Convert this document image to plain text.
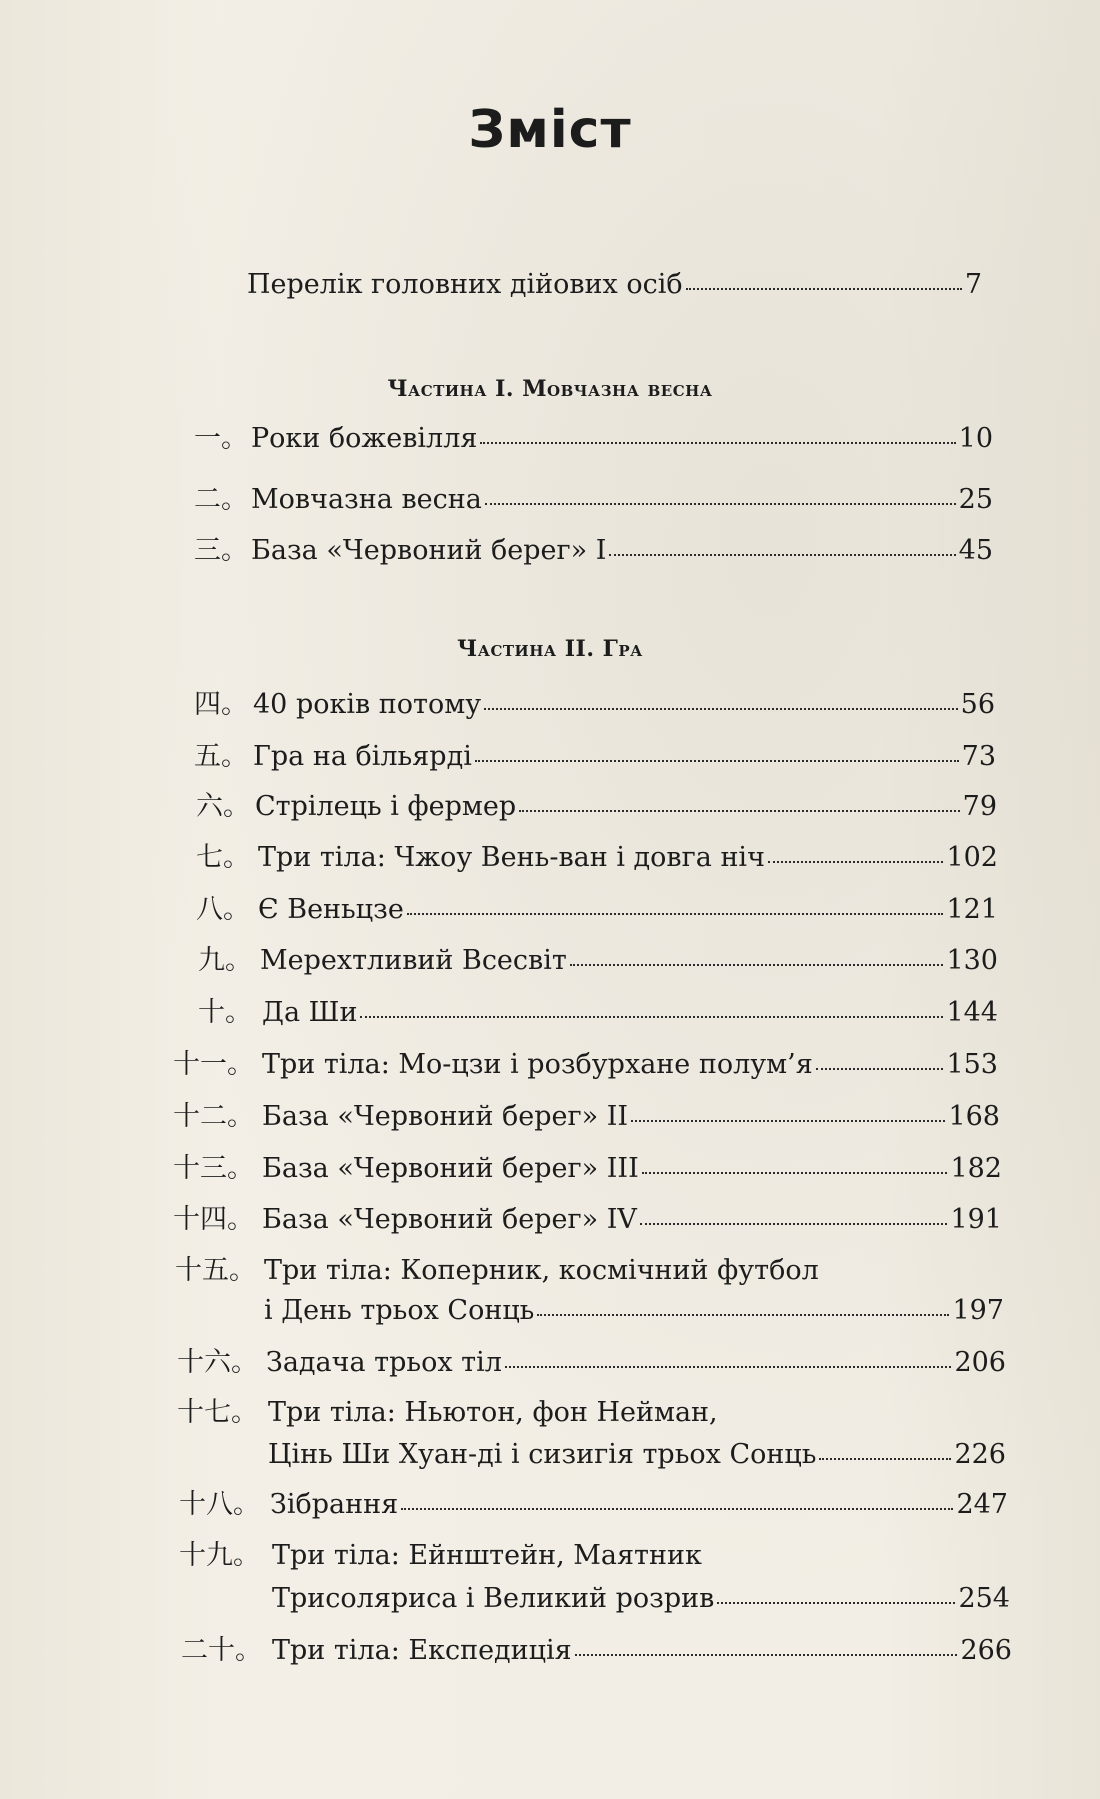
Зміст
Перелік головних дійових осіб	7
Частина І. Мовчазна весна
一。 Роки божевілля	10
二。 Мовчазна весна	25
三。 База «Червоний берег» I	45
Частина ІІ. Гра
四。 40 років потому	56
五。 Гра на більярді	73
六。 Стрілець і фермер	79
七。 Три тіла: Чжоу Вень-ван і довга ніч	102
八。 Є Веньцзе	121
九。 Мерехтливий Всесвіт	130
十。 Да Ши	144
十一。 Три тіла: Мо-цзи і розбурхане полум’я	153
十二。 База «Червоний берег» II	168
十三。 База «Червоний берег» III	182
十四。 База «Червоний берег» IV	191
十五。 Три тіла: Коперник, космічний футбол
і День трьох Сонць	197
十六。 Задача трьох тіл	206
十七。 Три тіла: Ньютон, фон Нейман,
Цінь Ши Хуан-ді і сизигія трьох Сонць	226
十八。 Зібрання	247
十九。 Три тіла: Ейнштейн, Маятник
Трисоляриса і Великий розрив	254
二十。 Три тіла: Експедиція	266
